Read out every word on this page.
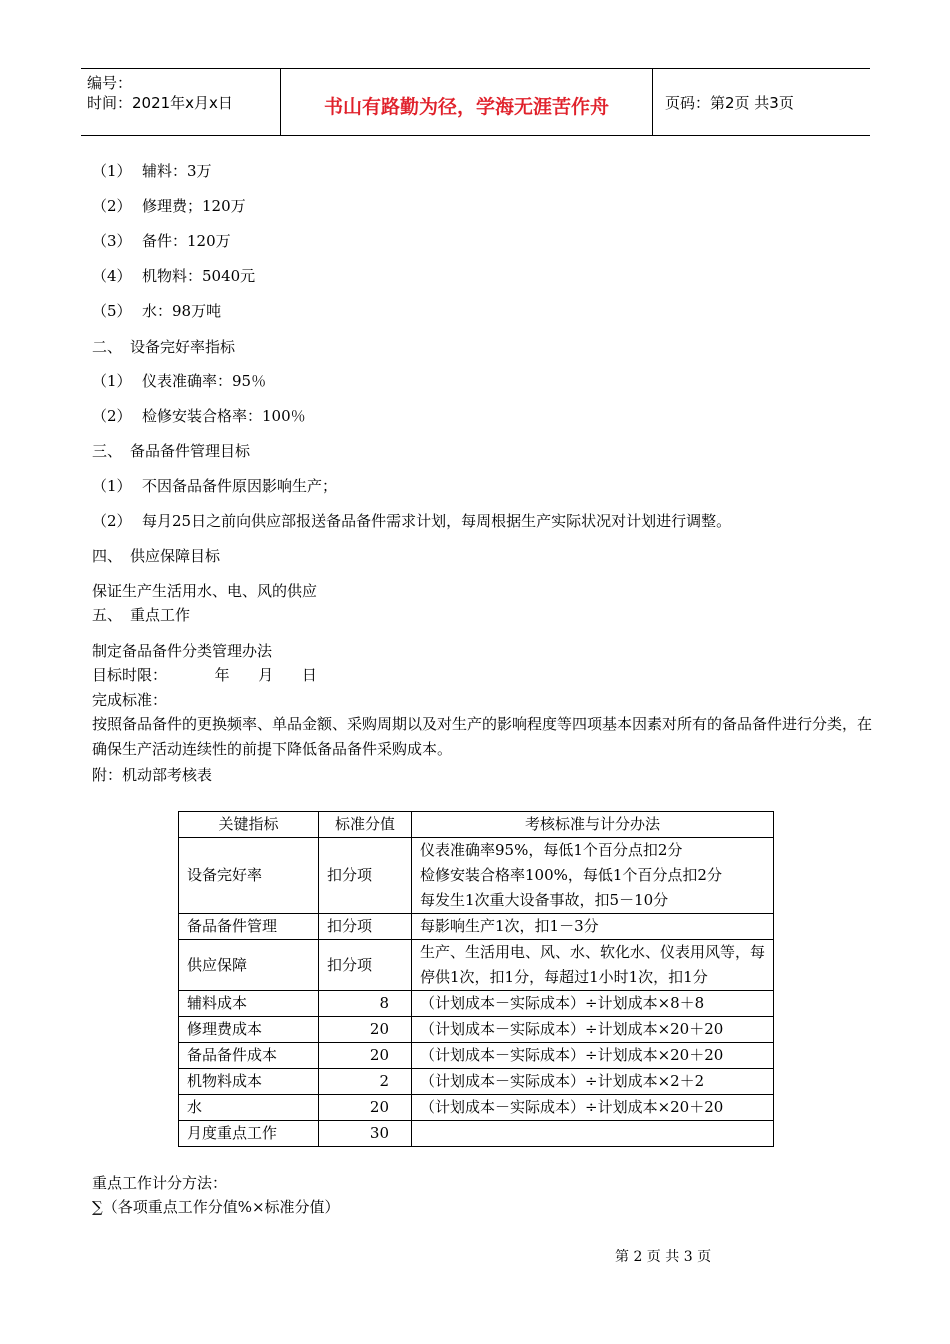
编号：
时间：2021年x月x日	书山有路勤为径，学海无涯苦作舟	页码：第2页 共3页
（1） 辅料：3万
（2） 修理费；120万
（3） 备件：120万
（4） 机物料：5040元
（5） 水：98万吨
二、 设备完好率指标
（1） 仪表准确率：95％
（2） 检修安装合格率：100％
三、 备品备件管理目标
（1） 不因备品备件原因影响生产；
（2） 每月25日之前向供应部报送备品备件需求计划，每周根据生产实际状况对计划进行调整。
四、 供应保障目标
保证生产生活用水、电、风的供应
五、 重点工作
制定备品备件分类管理办法
目标时限：          年      月      日
完成标准：
按照备品备件的更换频率、单品金额、采购周期以及对生产的影响程度等四项基本因素对所有的备品备件进行分类，在确保生产活动连续性的前提下降低备品备件采购成本。
附：机动部考核表
关键指标	标准分值	考核标准与计分办法
设备完好率	扣分项	仪表准确率95%，每低1个百分点扣2分
检修安装合格率100%，每低1个百分点扣2分
每发生1次重大设备事故，扣5－10分

备品备件管理	扣分项	每影响生产1次，扣1－3分
供应保障	扣分项	生产、生活用电、风、水、软化水、仪表用风等，每停供1次，扣1分，每超过1小时1次，扣1分
辅料成本	8	（计划成本－实际成本）÷计划成本×8＋8
修理费成本	20	（计划成本－实际成本）÷计划成本×20＋20
备品备件成本	20	（计划成本－实际成本）÷计划成本×20＋20
机物料成本	2	（计划成本－实际成本）÷计划成本×2＋2
水	20	（计划成本－实际成本）÷计划成本×20＋20
月度重点工作	30	
重点工作计分方法：
∑（各项重点工作分值%×标准分值）
第 2 页 共 3 页
